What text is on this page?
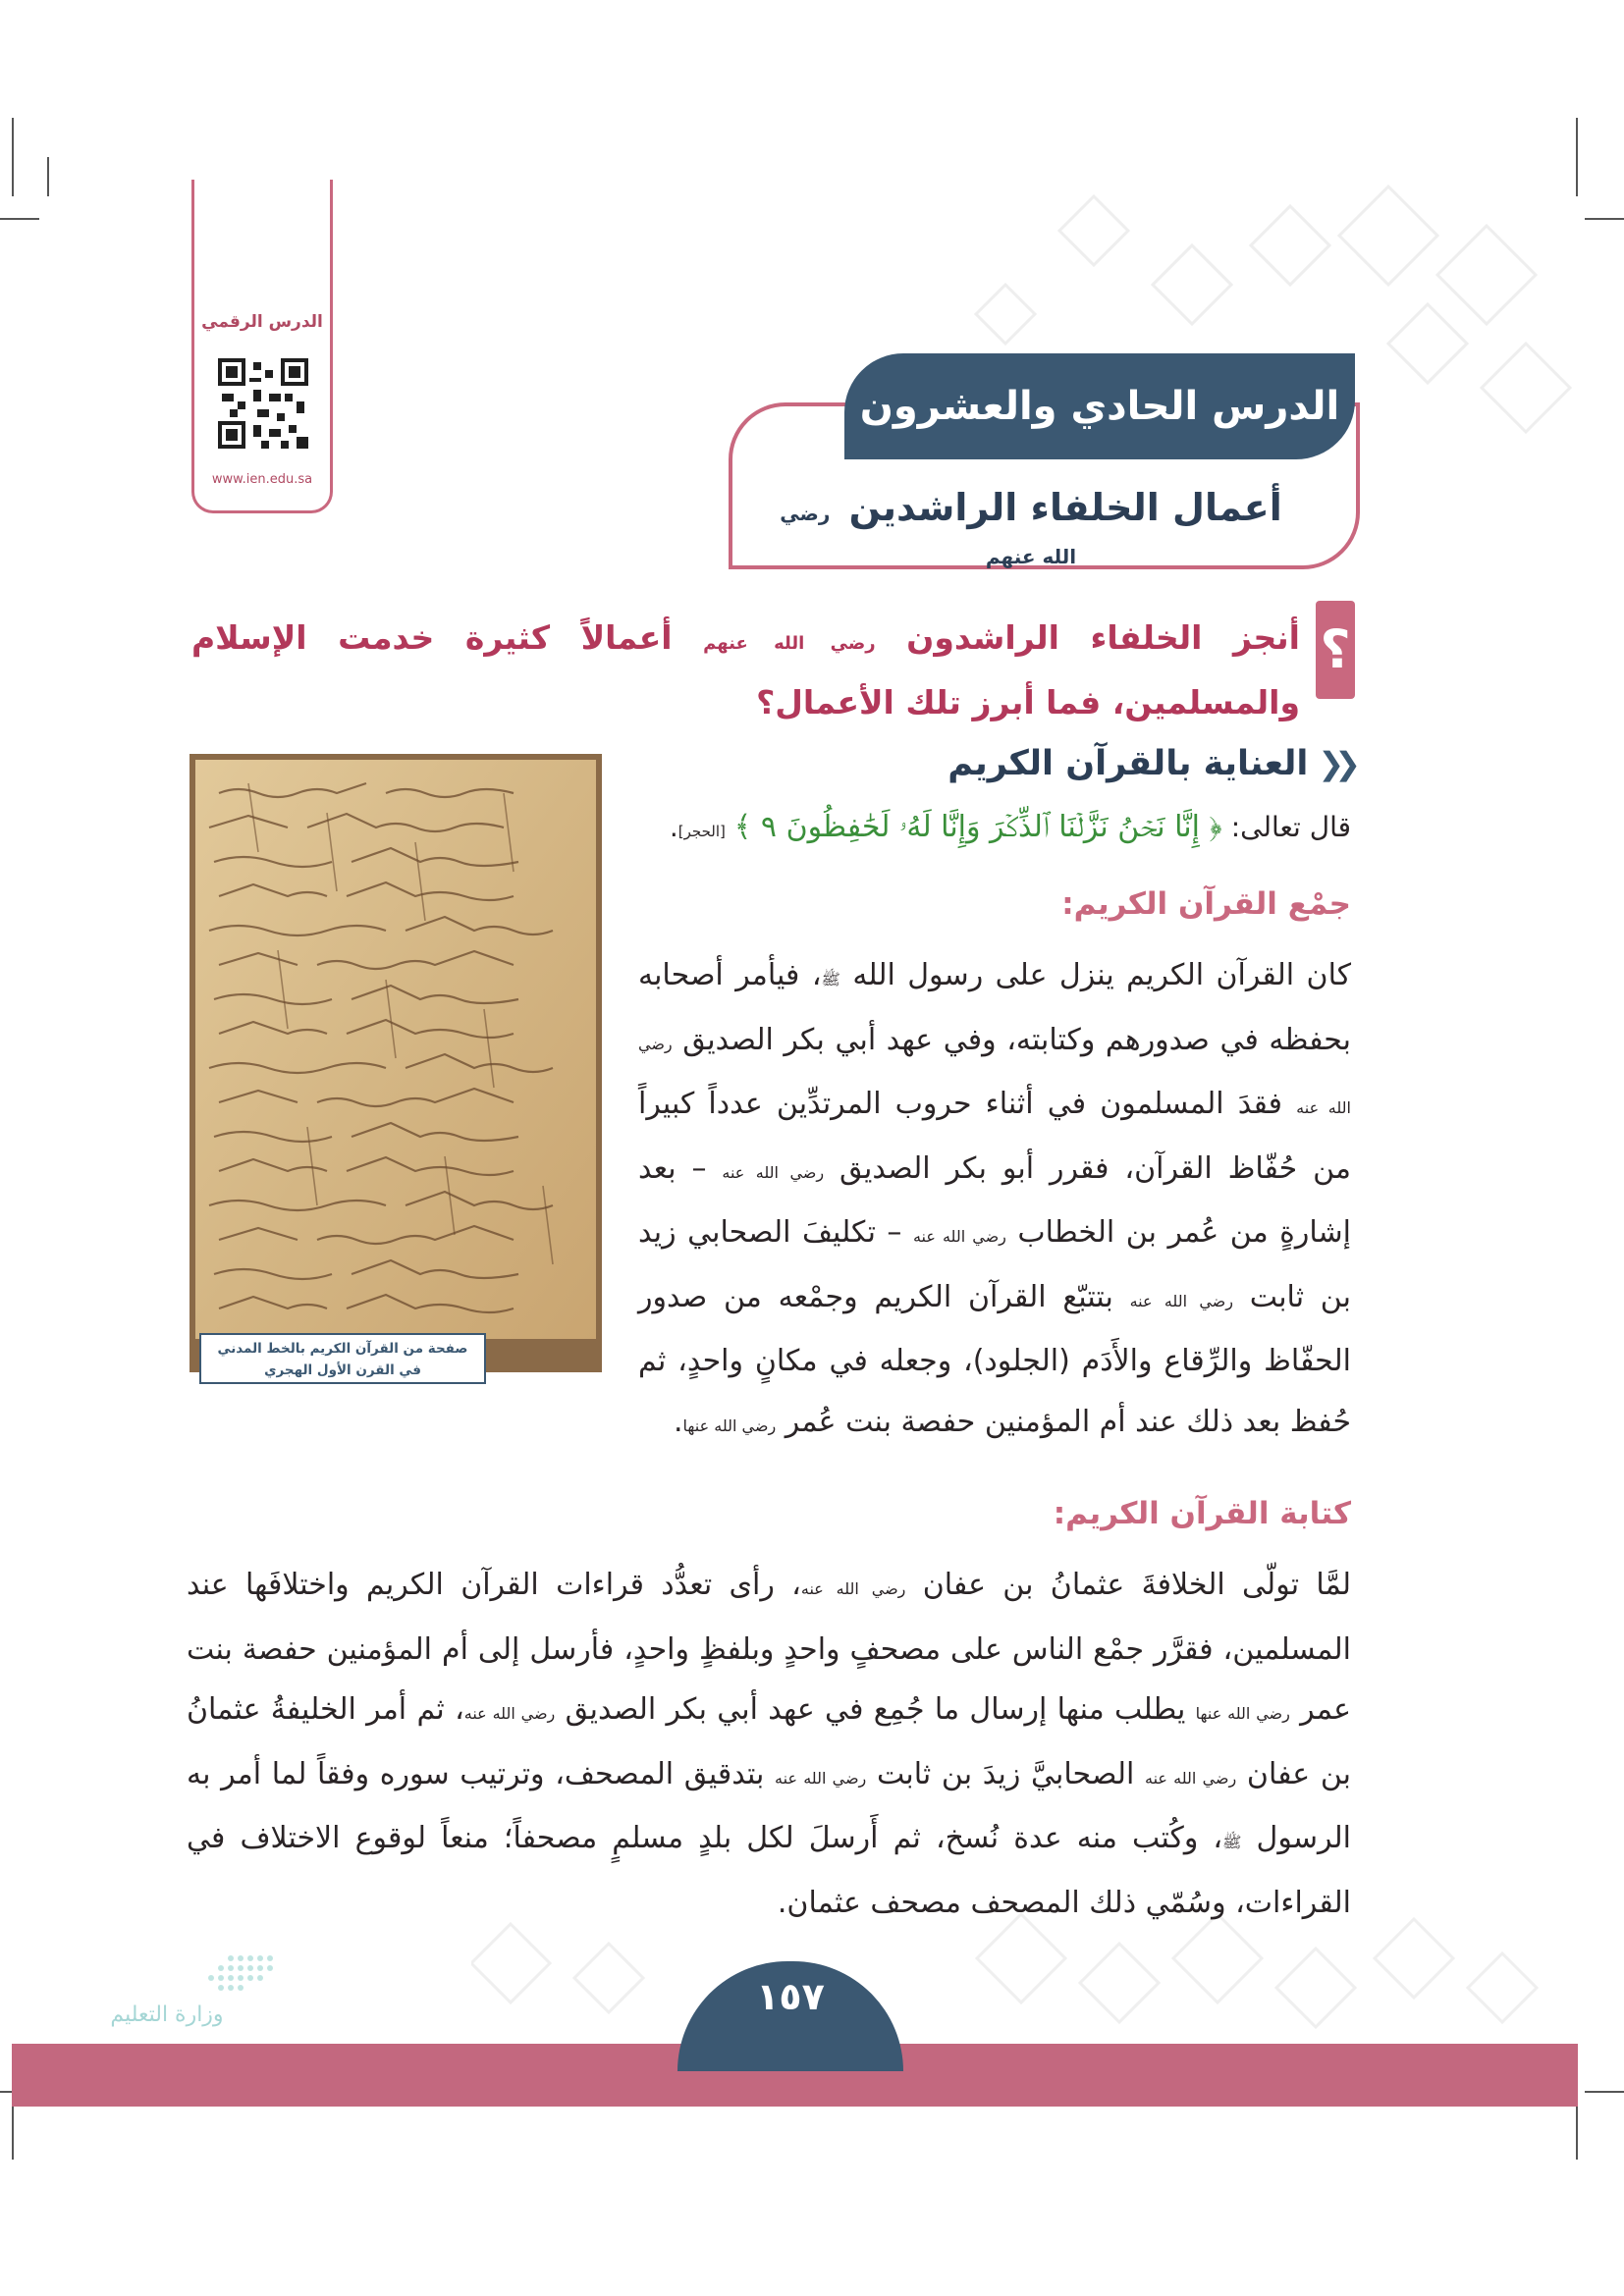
الدرس الرقمي
www.ien.edu.sa
الدرس الحادي والعشرون
أعمال الخلفاء الراشدين رضي الله عنهم
؟
أنجز الخلفاء الراشدون رضي الله عنهم أعمالاً كثيرة خدمت الإسلام والمسلمين، فما أبرز تلك الأعمال؟
صفحة من القرآن الكريم بالخط المدني
في القرن الأول الهجري
❮❮
العناية بالقرآن الكريم
قال تعالى: ﴿ إِنَّا نَحۡنُ نَزَّلۡنَا ٱلذِّكۡرَ وَإِنَّا لَهُۥ لَحَٰفِظُونَ ٩ ﴾ [الحجر].
جمْع القرآن الكريم:
كان القرآن الكريم ينزل على رسول الله ﷺ، فيأمر أصحابه بحفظه في صدورهم وكتابته، وفي عهد أبي بكر الصديق رضي الله عنه فقدَ المسلمون في أثناء حروب المرتدِّين عدداً كبيراً من حُفّاظ القرآن، فقرر أبو بكر الصديق رضي الله عنه – بعد إشارةٍ من عُمر بن الخطاب رضي الله عنه – تكليفَ الصحابي زيد بن ثابت رضي الله عنه بتتبّع القرآن الكريم وجمْعه من صدور الحفّاظ والرِّقاع والأَدَم (الجلود)، وجعله في مكانٍ واحدٍ، ثم حُفظ بعد ذلك عند أم المؤمنين حفصة بنت عُمر رضي الله عنها.
كتابة القرآن الكريم:
لمَّا تولّى الخلافةَ عثمانُ بن عفان رضي الله عنه، رأى تعدُّد قراءات القرآن الكريم واختلافَها عند المسلمين، فقرَّر جمْع الناس على مصحفٍ واحدٍ وبلفظٍ واحدٍ، فأرسل إلى أم المؤمنين حفصة بنت عمر رضي الله عنها يطلب منها إرسال ما جُمِع في عهد أبي بكر الصديق رضي الله عنه، ثم أمر الخليفةُ عثمانُ بن عفان رضي الله عنه الصحابيَّ زيدَ بن ثابت رضي الله عنه بتدقيق المصحف، وترتيب سوره وفقاً لما أمر به الرسول ﷺ، وكُتب منه عدة نُسخ، ثم أَرسلَ لكل بلدٍ مسلمٍ مصحفاً؛ منعاً لوقوع الاختلاف في القراءات، وسُمّي ذلك المصحف مصحف عثمان.
وزارة التعليم	١٥٧
